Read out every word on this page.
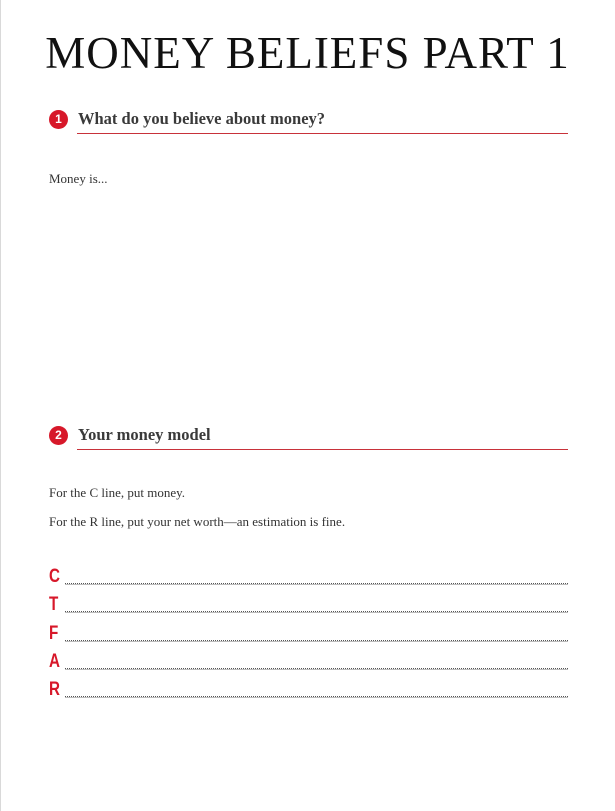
MONEY BELIEFS PART 1
1 What do you believe about money?
Money is...
2 Your money model
For the C line, put money.
For the R line, put your net worth—an estimation is fine.
C
T
F
A
R
